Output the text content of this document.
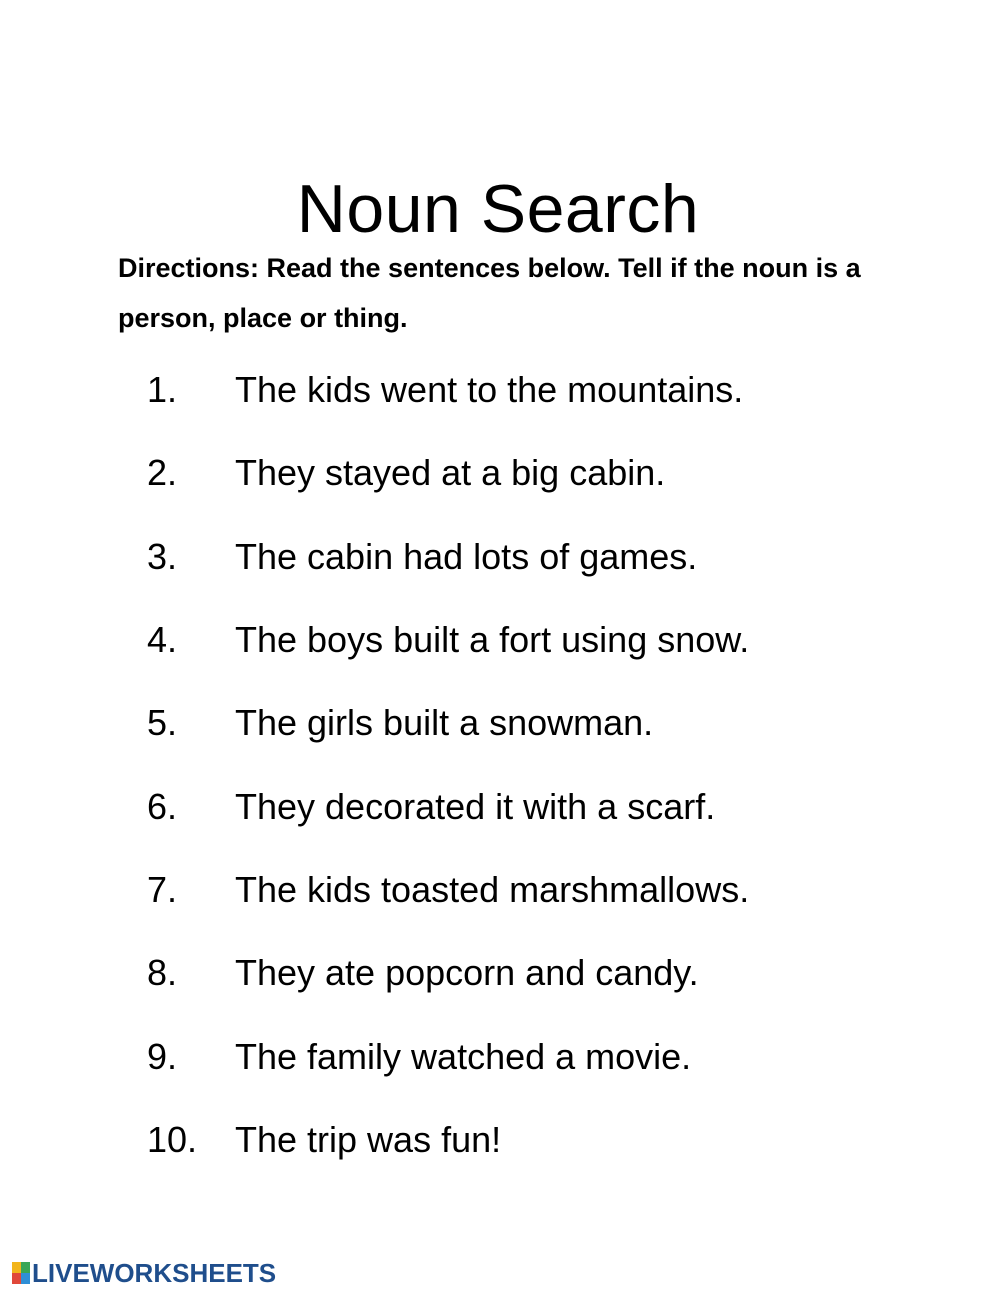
Noun Search
Directions: Read the sentences below. Tell if the noun is a person, place or thing.
1. The kids went to the mountains.
2. They stayed at a big cabin.
3. The cabin had lots of games.
4. The boys built a fort using snow.
5. The girls built a snowman.
6. They decorated it with a scarf.
7. The kids toasted marshmallows.
8. They ate popcorn and candy.
9. The family watched a movie.
10. The trip was fun!
LIVEWORKSHEETS
